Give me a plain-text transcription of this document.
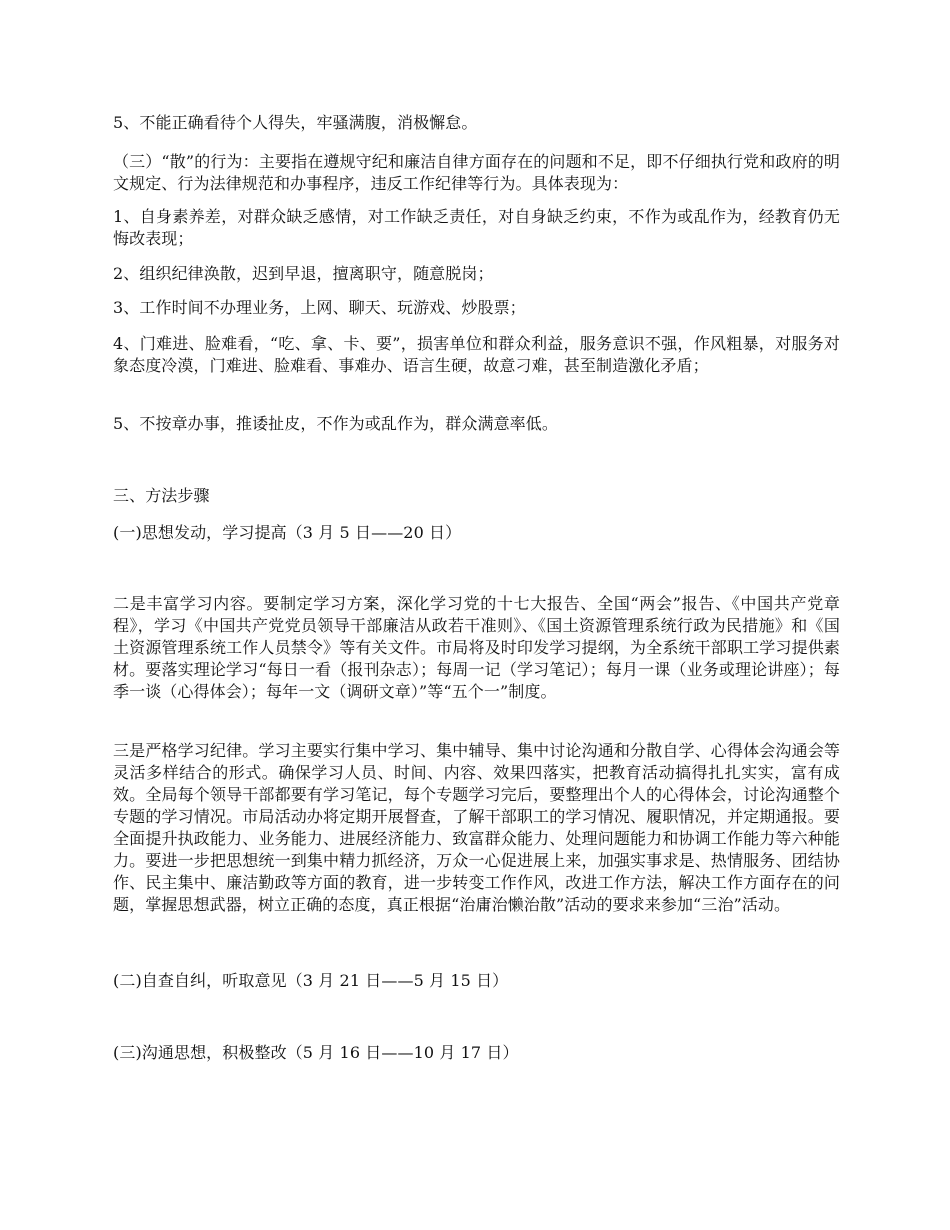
5、不能正确看待个人得失，牢骚满腹，消极懈怠。

（三）“散”的行为：主要指在遵规守纪和廉洁自律方面存在的问题和不足，即不仔细执行党和政府的明文规定、行为法律规范和办事程序，违反工作纪律等行为。具体表现为：

1、自身素养差，对群众缺乏感情，对工作缺乏责任，对自身缺乏约束，不作为或乱作为，经教育仍无悔改表现；

2、组织纪律涣散，迟到早退，擅离职守，随意脱岗；

3、工作时间不办理业务，上网、聊天、玩游戏、炒股票；

4、门难进、脸难看，“吃、拿、卡、要”，损害单位和群众利益，服务意识不强，作风粗暴，对服务对象态度冷漠，门难进、脸难看、事难办、语言生硬，故意刁难，甚至制造激化矛盾；

5、不按章办事，推诿扯皮，不作为或乱作为，群众满意率低。

三、方法步骤

(一)思想发动，学习提高（3 月 5 日——20 日）

二是丰富学习内容。要制定学习方案，深化学习党的十七大报告、全国“两会”报告、《中国共产党章程》，学习《中国共产党党员领导干部廉洁从政若干准则》、《国土资源管理系统行政为民措施》和《国土资源管理系统工作人员禁令》等有关文件。市局将及时印发学习提纲，为全系统干部职工学习提供素材。要落实理论学习“每日一看（报刊杂志）；每周一记（学习笔记）；每月一课（业务或理论讲座）；每季一谈（心得体会）；每年一文（调研文章）”等“五个一”制度。

三是严格学习纪律。学习主要实行集中学习、集中辅导、集中讨论沟通和分散自学、心得体会沟通会等灵活多样结合的形式。确保学习人员、时间、内容、效果四落实，把教育活动搞得扎扎实实，富有成效。全局每个领导干部都要有学习笔记，每个专题学习完后，要整理出个人的心得体会，讨论沟通整个专题的学习情况。市局活动办将定期开展督查，了解干部职工的学习情况、履职情况，并定期通报。要全面提升执政能力、业务能力、进展经济能力、致富群众能力、处理问题能力和协调工作能力等六种能力。要进一步把思想统一到集中精力抓经济，万众一心促进展上来，加强实事求是、热情服务、团结协作、民主集中、廉洁勤政等方面的教育，进一步转变工作作风，改进工作方法，解决工作方面存在的问题，掌握思想武器，树立正确的态度，真正根据“治庸治懒治散”活动的要求来参加“三治”活动。

(二)自查自纠，听取意见（3 月 21 日——5 月 15 日）

(三)沟通思想，积极整改（5 月 16 日——10 月 17 日）
